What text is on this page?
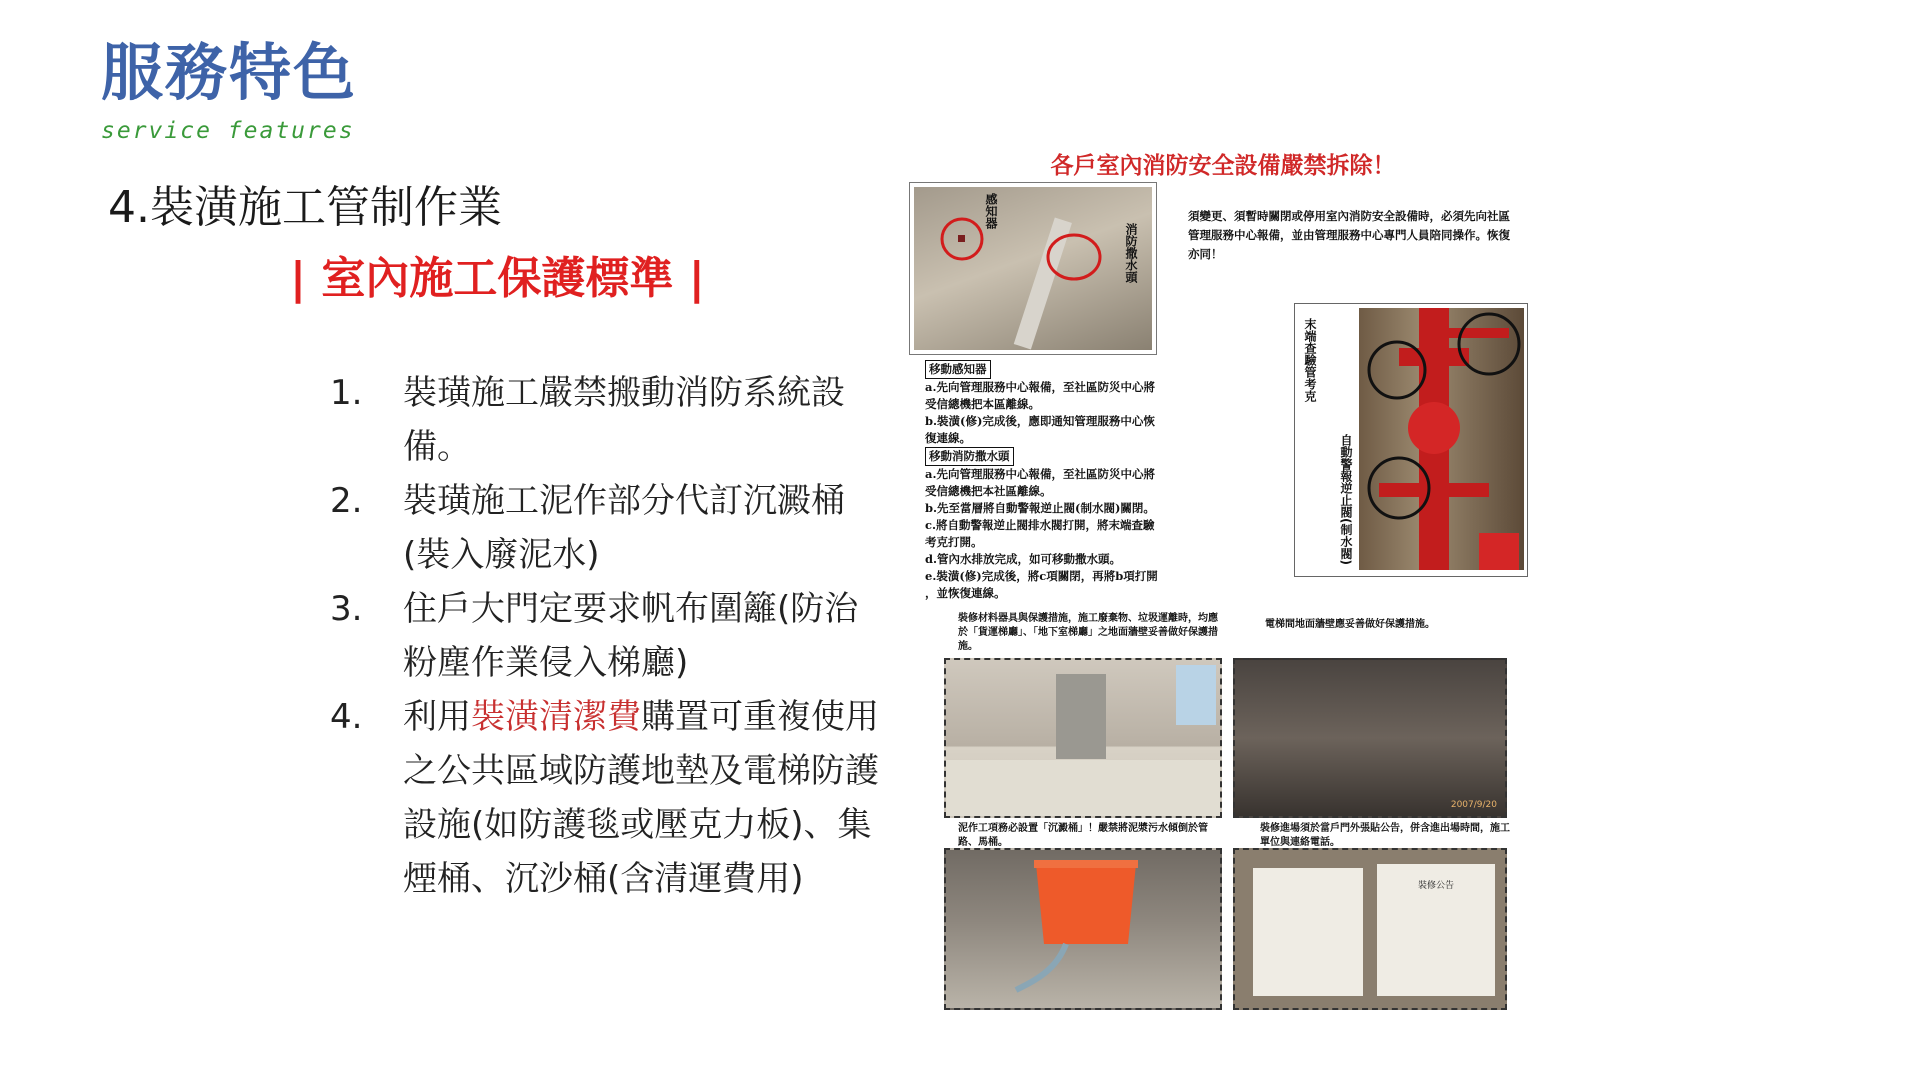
服務特色
service features
4.裝潢施工管制作業
| 室內施工保護標準 |
1. 裝璜施工嚴禁搬動消防系統設備。
2. 裝璜施工泥作部分代訂沉澱桶(裝入廢泥水)
3. 住戶大門定要求帆布圍籬(防治粉塵作業侵入梯廳)
4. 利用裝潢清潔費購置可重複使用之公共區域防護地墊及電梯防護設施(如防護毯或壓克力板)、集煙桶、沉沙桶(含清運費用)
各戶室內消防安全設備嚴禁拆除！
感知器
消防撒水頭
須變更、須暫時關閉或停用室內消防安全設備時，必須先向社區管理服務中心報備，並由管理服務中心專門人員陪同操作。恢復亦同！
移動感知器
a.先向管理服務中心報備，至社區防災中心將
受信總機把本區離線。
b.裝潢(修)完成後，應即通知管理服務中心恢
復連線。
移動消防撒水頭
a.先向管理服務中心報備，至社區防災中心將
受信總機把本社區離線。
b.先至當層將自動警報逆止閥(制水閥)關閉。
c.將自動警報逆止閥排水閥打開，將末端查驗
考克打開。
d.管內水排放完成，如可移動撒水頭。
e.裝潢(修)完成後，將c項關閉，再將b項打開
，並恢復連線。
末端查驗管考克
自動警報逆止閥(制水閥)
裝修材料器具與保護措施，施工廢棄物、垃圾運離時，均應於「貨運梯廳」、「地下室梯廳」之地面牆壁妥善做好保護措施。
電梯間地面牆壁應妥善做好保護措施。
2007/9/20
泥作工項務必設置「沉澱桶」！嚴禁將泥漿污水傾倒於管路、馬桶。
裝修進場須於當戶門外張貼公告，併含進出場時間，施工單位與連絡電話。
裝修公告
